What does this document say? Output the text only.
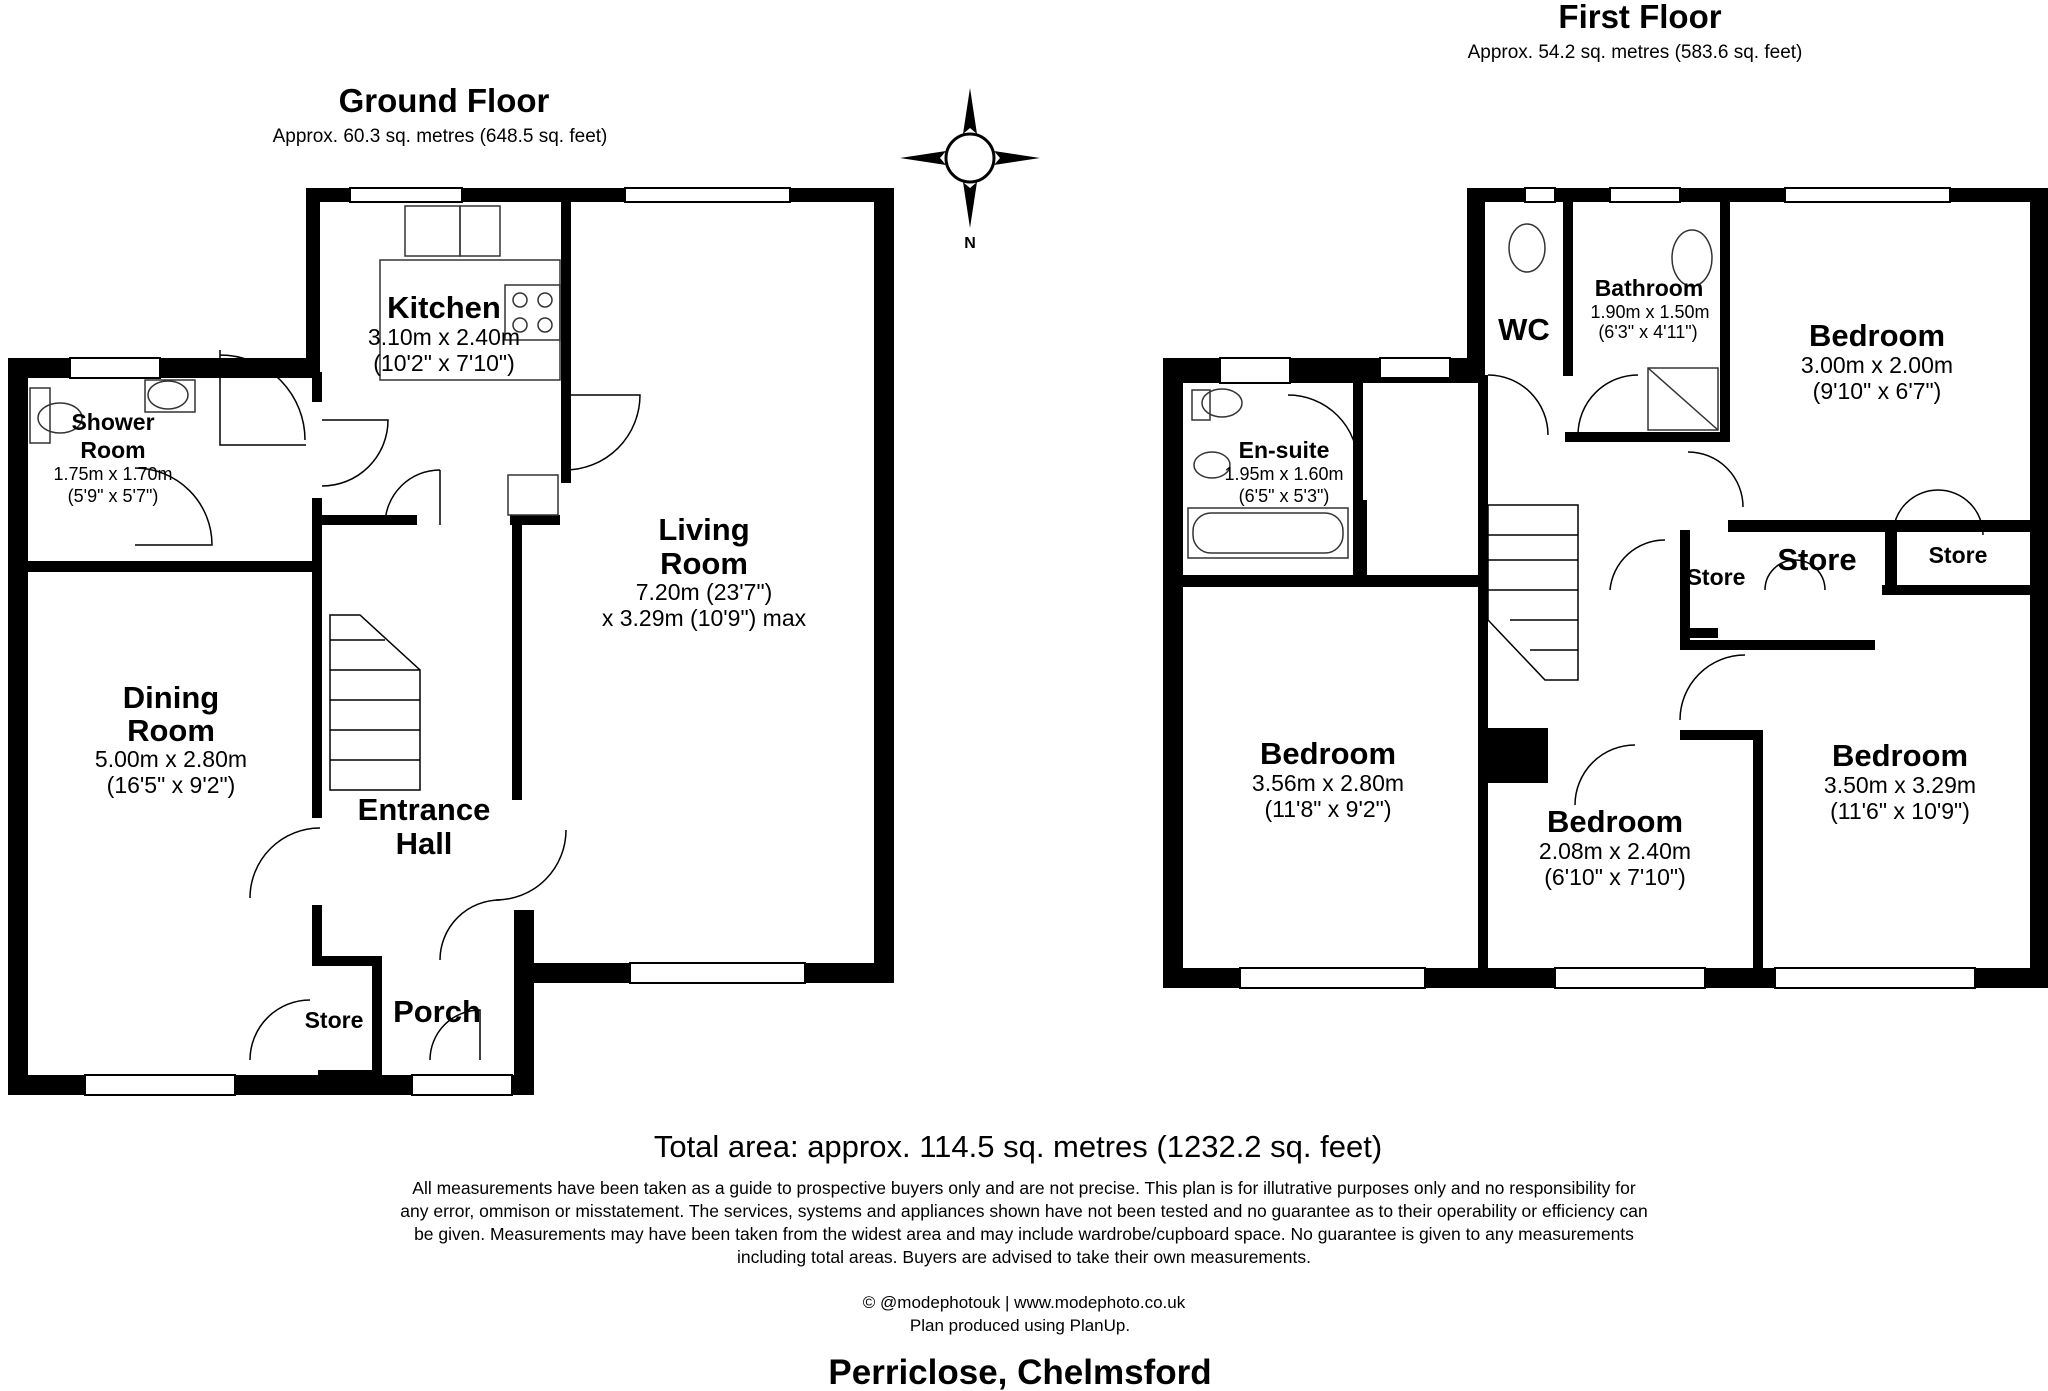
N
Ground Floor
Approx. 60.3 sq. metres (648.5 sq. feet)
Kitchen
3.10m x 2.40m
(10'2" x 7'10")
Living
Room
7.20m (23'7")
x 3.29m (10'9") max
Shower
Room
1.75m x 1.70m
(5'9" x 5'7")
Dining
Room
5.00m x 2.80m
(16'5" x 9'2")
Entrance
Hall
Store Porch
First Floor
Approx. 54.2 sq. metres (583.6 sq. feet)
WC
Bathroom
1.90m x 1.50m
(6'3" x 4'11")	Bedroom
3.00m x 2.00m
(9'10" x 6'7")
En-suite
1.95m x 1.60m
(6'5" x 5'3")
Store Store	Store
Bedroom
3.56m x 2.80m
(11'8" x 9'2")	Bedroom
2.08m x 2.40m
(6'10" x 7'10")
Bedroom
3.50m x 3.29m
(11'6" x 10'9")
Total area: approx. 114.5 sq. metres (1232.2 sq. feet)
All measurements have been taken as a guide to prospective buyers only and are not precise. This plan is for illutrative purposes only and no responsibility for
any error, ommison or misstatement. The services, systems and appliances shown have not been tested and no guarantee as to their operability or efficiency can
be given. Measurements may have been taken from the widest area and may include wardrobe/cupboard space. No guarantee is given to any measurements
including total areas. Buyers are advised to take their own measurements.
© @modephotouk | www.modephoto.co.uk
Plan produced using PlanUp.
Perriclose, Chelmsford
